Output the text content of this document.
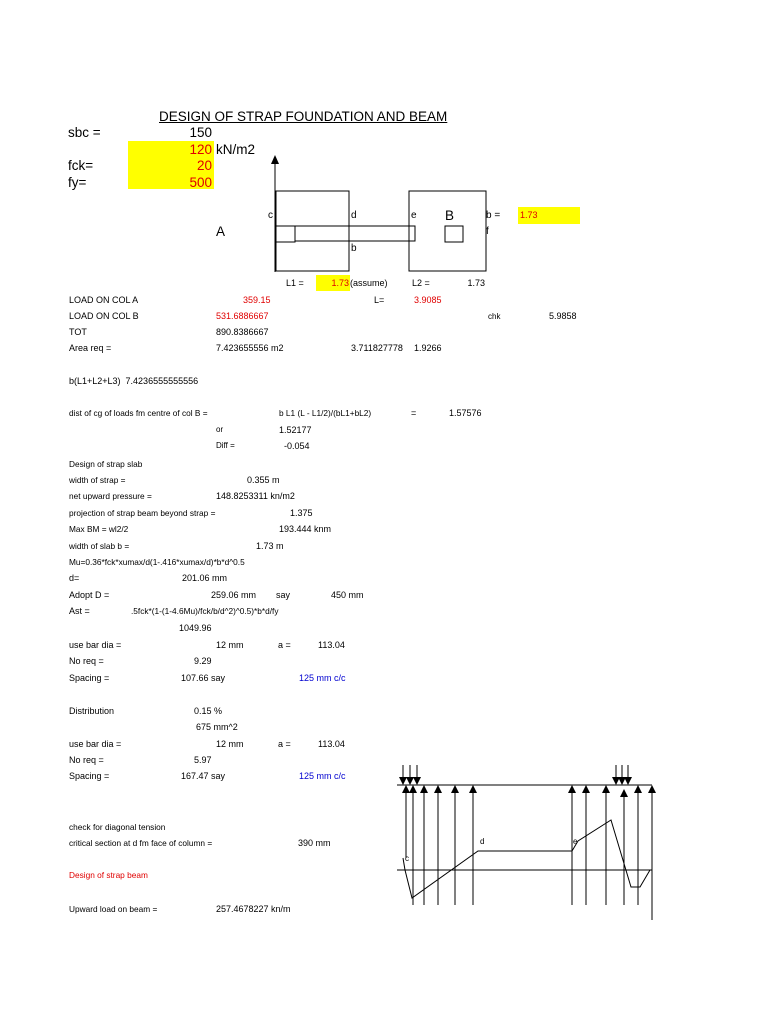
DESIGN OF STRAP FOUNDATION AND BEAM
sbc =	150
120 kN/m2
fck=	20
fy=	500
c	d	e B
A
b
f
b = 1.73
L1 =	1.73 (assume)	L2 =	1.73
LOAD ON COL A	359.15	L=	3.9085
LOAD ON COL B	531.6886667	chk	5.9858
TOT	890.8386667
Area req =	7.423655556 m2	3.711827778 1.9266
b(L1+L2+L3)  7.4236555555556
dist of cg of loads fm centre of col B =	b L1 (L - L1/2)/(bL1+bL2)	=	1.57576
or	1.52177
Diff =	-0.054
Design of strap slab
width of strap =	0.355 m
net upward pressure =	148.8253311 kn/m2
projection of strap beam beyond strap =	1.375
Max BM = wl2/2	193.444 knm
width of slab b =	1.73 m
Mu=0.36*fck*xumax/d(1-.416*xumax/d)*b*d^0.5
d=	201.06 mm
Adopt D =	259.06 mm say	450 mm
Ast =	.5fck*(1-(1-4.6Mu)/fck/b/d^2)^0.5)*b*d/fy
1049.96
use bar dia =	12 mm	a =	113.04
No req =	9.29
Spacing =	107.66 say	125 mm c/c
Distribution	0.15 %
675 mm^2
use bar dia =	12 mm	a =	113.04
No req =	5.97
Spacing =	167.47 say	125 mm c/c
check for diagonal tension
critical section at d fm face of column =	390 mm
Design of strap beam
Upward load on beam =	257.4678227 kn/m
c
d	e
